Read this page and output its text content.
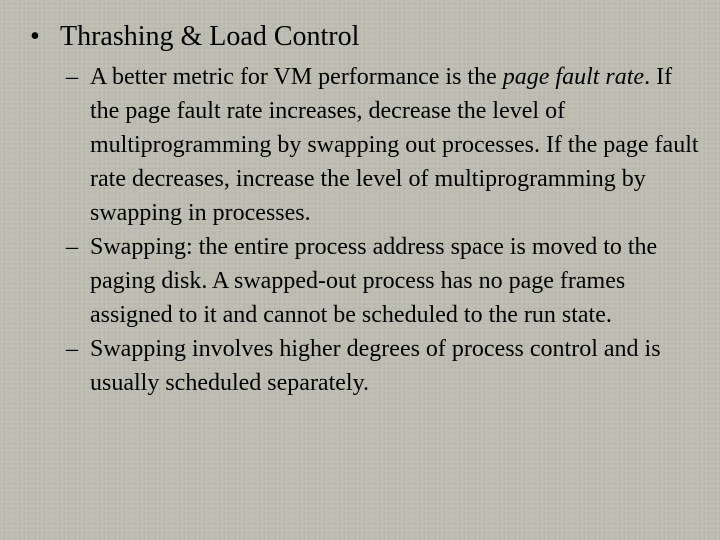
• Thrashing & Load Control
– A better metric for VM performance is the page fault rate. If the page fault rate increases, decrease the level of multiprogramming by swapping out processes. If the page fault rate decreases, increase the level of multiprogramming by swapping in processes.
– Swapping: the entire process address space is moved to the paging disk. A swapped-out process has no page frames assigned to it and cannot be scheduled to the run state.
– Swapping involves higher degrees of process control and is usually scheduled separately.
